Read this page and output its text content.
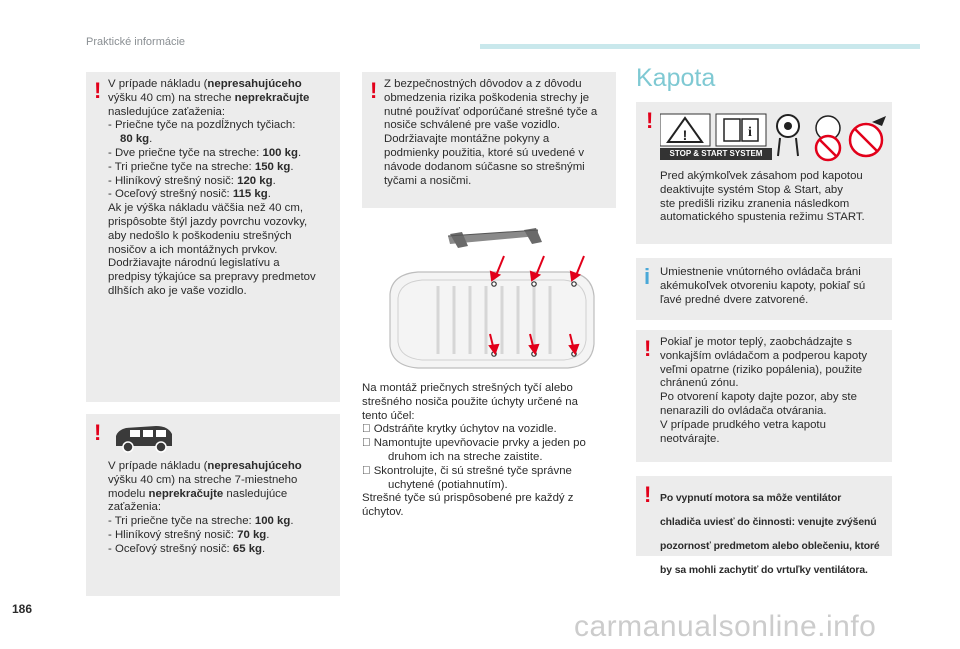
Praktické informácie
! V prípade nákladu (nepresahujúceho

výšku 40 cm) na streche neprekračujte

nasledujúce zaťaženia:

- Priečne tyče na pozdĺžnych tyčiach:

80 kg.

- Dve priečne tyče na streche: 100 kg.

- Tri priečne tyče na streche: 150 kg.

- Hliníkový strešný nosič: 120 kg.

- Oceľový strešný nosič: 115 kg.

Ak je výška nákladu väčšia než 40 cm,

prispôsobte štýl jazdy povrchu vozovky,

aby nedošlo k poškodeniu strešných

nosičov a ich montážnych prvkov.

Dodržiavajte národnú legislatívu a

predpisy týkajúce sa prepravy predmetov

dlhších ako je vaše vozidlo.

!

V prípade nákladu (nepresahujúceho

výšku 40 cm) na streche 7-miestneho

modelu neprekračujte nasledujúce

zaťaženia:

- Tri priečne tyče na streche: 100 kg.

- Hliníkový strešný nosič: 70 kg.

- Oceľový strešný nosič: 65 kg.

! Z bezpečnostných dôvodov a z dôvodu

obmedzenia rizika poškodenia strechy je

nutné používať odporúčané strešné tyče a

nosiče schválené pre vaše vozidlo.

Dodržiavajte montážne pokyny a

podmienky použitia, ktoré sú uvedené v

návode dodanom súčasne so strešnými

tyčami a nosičmi.

Na montáž priečnych strešných tyčí alebo

strešného nosiča použite úchyty určené na

tento účel:

Odstráňte krytky úchytov na vozidle.

Namontujte upevňovacie prvky a jeden po

druhom ich na streche zaistite.

Skontrolujte, či sú strešné tyče správne

uchytené (potiahnutím).

Strešné tyče sú prispôsobené pre každý z

úchytov.

Kapota
!
!	i
STOP & START SYSTEM

Pred akýmkoľvek zásahom pod kapotou

deaktivujte systém Stop & Start, aby

ste predišli riziku zranenia následkom

automatického spustenia režimu START.

i Umiestnenie vnútorného ovládača bráni

akémukoľvek otvoreniu kapoty, pokiaľ sú

ľavé predné dvere zatvorené.

! Pokiaľ je motor teplý, zaobchádzajte s

vonkajším ovládačom a podperou kapoty

veľmi opatrne (riziko popálenia), použite

chránenú zónu.

Po otvorení kapoty dajte pozor, aby ste

nenarazili do ovládača otvárania.

V prípade prudkého vetra kapotu

neotvárajte.

! Po vypnutí motora sa môže ventilátor

chladiča uviesť do činnosti: venujte zvýšenú

pozornosť predmetom alebo oblečeniu, ktoré

by sa mohli zachytiť do vrtuľky ventilátora.

186
carmanualsonline.info
